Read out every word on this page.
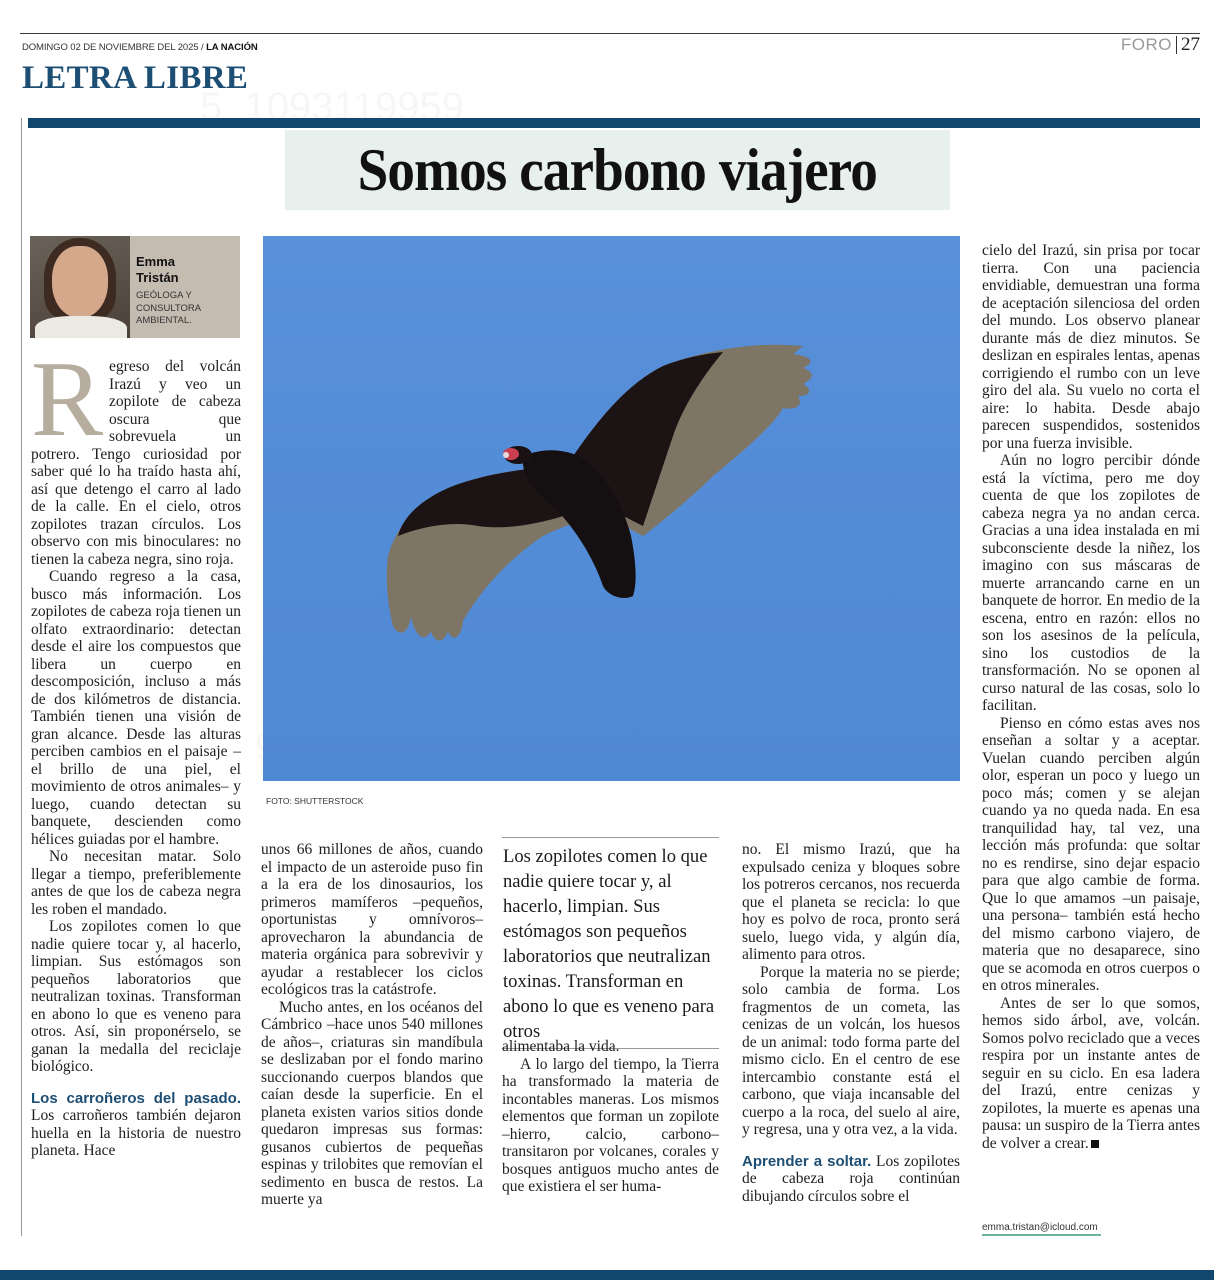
DOMINGO 02 DE NOVIEMBRE DEL 2025 / LA NACIÓN	FORO 27
LETRA LIBRE
Somos carbono viajero
Emma
Tristán
GEÓLOGA Y
CONSULTORA
AMBIENTAL.

Regreso del volcán Irazú y veo un zopilote de cabeza oscura que sobrevuela un potrero. Tengo curiosidad por saber qué lo ha traído hasta ahí, así que detengo el carro al lado de la calle. En el cielo, otros zopilotes trazan círculos. Los observo con mis binoculares: no tienen la cabeza negra, sino roja.

Cuando regreso a la casa, busco más información. Los zopilotes de cabeza roja tienen un olfato extraordinario: detectan desde el aire los compuestos que libera un cuerpo en descomposición, incluso a más de dos kilómetros de distancia. También tienen una visión de gran alcance. Desde las alturas perciben cambios en el paisaje –el brillo de una piel, el movimiento de otros animales– y luego, cuando detectan su banquete, descienden como hélices guiadas por el hambre.

No necesitan matar. Solo llegar a tiempo, preferiblemente antes de que los de cabeza negra les roben el mandado.

Los zopilotes comen lo que nadie quiere tocar y, al hacerlo, limpian. Sus estómagos son pequeños laboratorios que neutralizan toxinas. Transforman en abono lo que es veneno para otros. Así, sin proponérselo, se ganan la medalla del reciclaje biológico.

Los carroñeros del pasado. Los carroñeros también dejaron huella en la historia de nuestro planeta. Hace

FOTO: SHUTTERSTOCK

unos 66 millones de años, cuando el impacto de un asteroide puso fin a la era de los dinosaurios, los primeros mamíferos –pequeños, oportunistas y omnívoros– aprovecharon la abundancia de materia orgánica para sobrevivir y ayudar a restablecer los ciclos ecológicos tras la catástrofe.

Mucho antes, en los océanos del Cámbrico –hace unos 540 millones de años–, criaturas sin mandíbula se deslizaban por el fondo marino succionando cuerpos blandos que caían desde la superficie. En el planeta existen varios sitios donde quedaron impresas sus formas: gusanos cubiertos de pequeñas espinas y trilobites que removían el sedimento en busca de restos. La muerte ya

Los zopilotes comen lo que nadie quiere tocar y, al hacerlo, limpian. Sus estómagos son pequeños laboratorios que neutralizan toxinas. Transforman en abono lo que es veneno para otros

alimentaba la vida.

A lo largo del tiempo, la Tierra ha transformado la materia de incontables maneras. Los mismos elementos que forman un zopilote –hierro, calcio, carbono– transitaron por volcanes, corales y bosques antiguos mucho antes de que existiera el ser huma-

no. El mismo Irazú, que ha expulsado ceniza y bloques sobre los potreros cercanos, nos recuerda que el planeta se recicla: lo que hoy es polvo de roca, pronto será suelo, luego vida, y algún día, alimento para otros.

Porque la materia no se pierde; solo cambia de forma. Los fragmentos de un cometa, las cenizas de un volcán, los huesos de un animal: todo forma parte del mismo ciclo. En el centro de ese intercambio constante está el carbono, que viaja incansable del cuerpo a la roca, del suelo al aire, y regresa, una y otra vez, a la vida.

Aprender a soltar. Los zopilotes de cabeza roja continúan dibujando círculos sobre el

cielo del Irazú, sin prisa por tocar tierra. Con una paciencia envidiable, demuestran una forma de aceptación silenciosa del orden del mundo. Los observo planear durante más de diez minutos. Se deslizan en espirales lentas, apenas corrigiendo el rumbo con un leve giro del ala. Su vuelo no corta el aire: lo habita. Desde abajo parecen suspendidos, sostenidos por una fuerza invisible.

Aún no logro percibir dónde está la víctima, pero me doy cuenta de que los zopilotes de cabeza negra ya no andan cerca. Gracias a una idea instalada en mi subconsciente desde la niñez, los imagino con sus máscaras de muerte arrancando carne en un banquete de horror. En medio de la escena, entro en razón: ellos no son los asesinos de la película, sino los custodios de la transformación. No se oponen al curso natural de las cosas, solo lo facilitan.

Pienso en cómo estas aves nos enseñan a soltar y a aceptar. Vuelan cuando perciben algún olor, esperan un poco y luego un poco más; comen y se alejan cuando ya no queda nada. En esa tranquilidad hay, tal vez, una lección más profunda: que soltar no es rendirse, sino dejar espacio para que algo cambie de forma. Que lo que amamos –un paisaje, una persona– también está hecho del mismo carbono viajero, de materia que no desaparece, sino que se acomoda en otros cuerpos o en otros minerales.

Antes de ser lo que somos, hemos sido árbol, ave, volcán. Somos polvo reciclado que a veces respira por un instante antes de seguir en su ciclo. En esa ladera del Irazú, entre cenizas y zopilotes, la muerte es apenas una pausa: un suspiro de la Tierra antes de volver a crear.

emma.tristan@icloud.com
